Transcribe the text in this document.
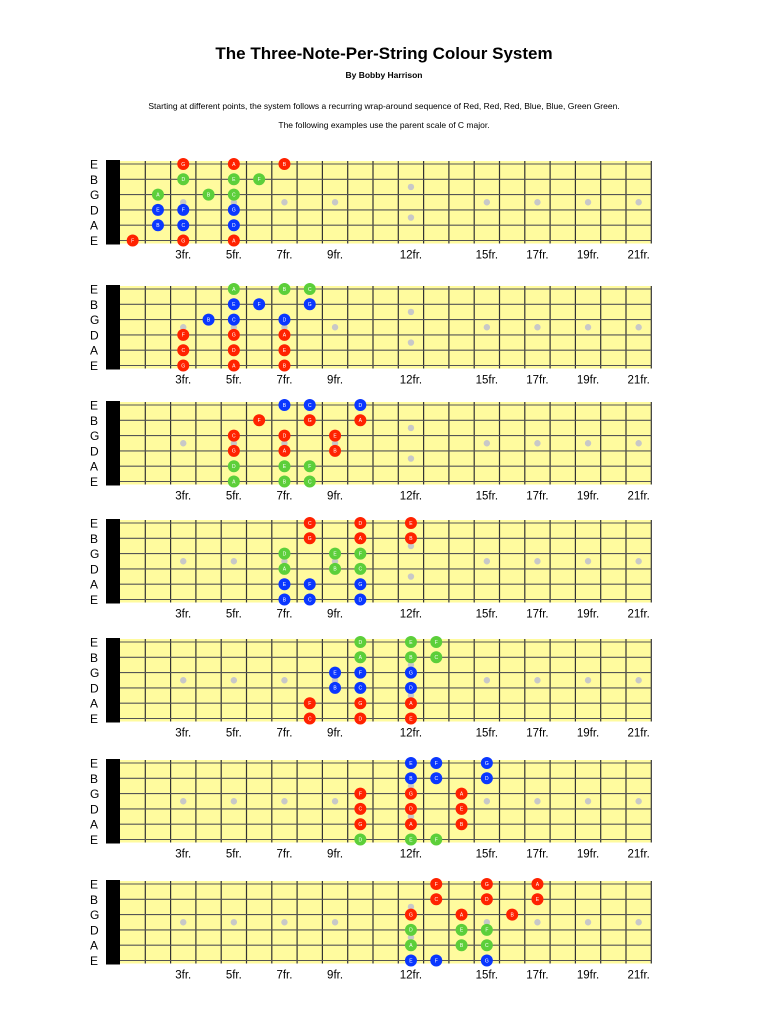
The Three-Note-Per-String Colour System
By Bobby Harrison
Starting at different points, the system follows a recurring wrap-around sequence of Red, Red, Red, Blue, Blue, Green Green.
The following examples use the parent scale of C major.
E
B
G
D
A
E
3fr.	5fr.	7fr.	9fr.	12fr.	15fr. 17fr. 19fr. 21fr.
G	A	B
D	E	F
A	B	C
E	F	G
B	C	D
F	G	A
E
B
G
D
A
E
3fr.	5fr.	7fr.	9fr.	12fr.	15fr. 17fr. 19fr. 21fr.
A	B	C
E	F	G
B	C	D
F	G	A
C	D	E
G	A	B
E
B
G
D
A
E
3fr.	5fr.	7fr.	9fr.	12fr.	15fr. 17fr. 19fr. 21fr.
B	C	D
F	G	A
C	D	E
G	A	B
D	E	F
A	B	C
E
B
G
D
A
E
3fr.	5fr.	7fr.	9fr.	12fr.	15fr. 17fr. 19fr. 21fr.
C	D	E
G	A	B
D	E	F
A	B	C
E	F	G
B	C	D
E
B
G
D
A
E
3fr.	5fr.	7fr.	9fr.	12fr.	15fr. 17fr. 19fr. 21fr.
D	E	F
A	B	C
E	F	G
B	C	D
F	G	A
C	D	E
E
B
G
D
A
E
3fr.	5fr.	7fr.	9fr.	12fr.	15fr. 17fr. 19fr. 21fr.
E	F	G
B	C	D
F	G	A
C	D	E
G	A	B
D	E	F
E
B
G
D
A
E
3fr.	5fr.	7fr.	9fr.	12fr.	15fr. 17fr. 19fr. 21fr.
F	G	A
C	D	E
G	A	B
D	E	F
A	B	C
E	F	G
